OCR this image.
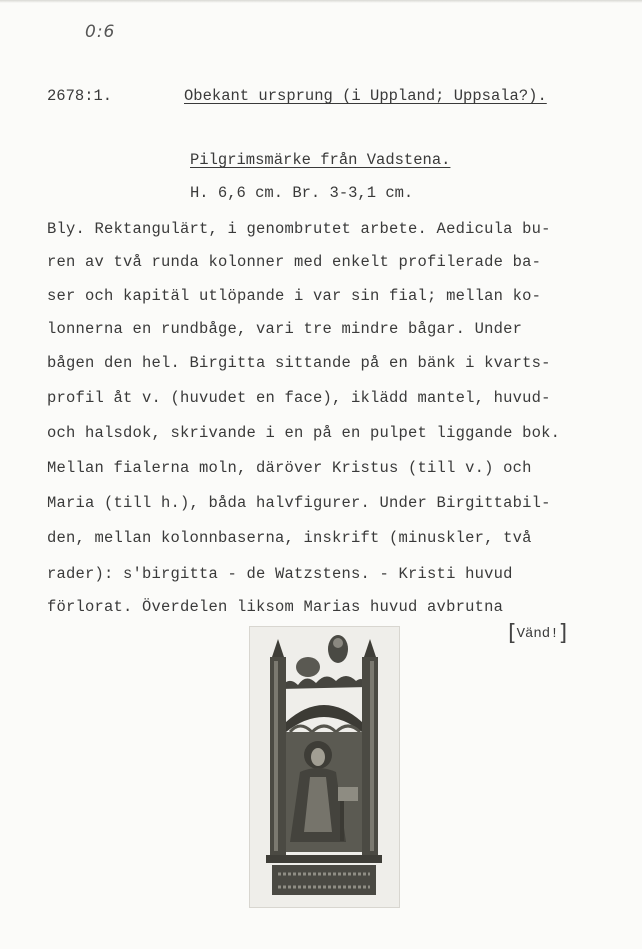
0:6
2678:1.	Obekant ursprung (i Uppland; Uppsala?).
Pilgrimsmärke från Vadstena.
H. 6,6 cm. Br. 3-3,1 cm.
Bly. Rektangulärt, i genombrutet arbete. Aedicula bu-
ren av två runda kolonner med enkelt profilerade ba-
ser och kapitäl utlöpande i var sin fial; mellan ko-
lonnerna en rundbåge, vari tre mindre bågar. Under
bågen den hel. Birgitta sittande på en bänk i kvarts-
profil åt v. (huvudet en face), iklädd mantel, huvud-
och halsdok, skrivande i en på en pulpet liggande bok.
Mellan fialerna moln, däröver Kristus (till v.) och
Maria (till h.), båda halvfigurer. Under Birgittabil-
den, mellan kolonnbaserna, inskrift (minuskler, två
rader): s'birgitta - de Watzstens. - Kristi huvud
förlorat. Överdelen liksom Marias huvud avbrutna
[ Vänd! ]
